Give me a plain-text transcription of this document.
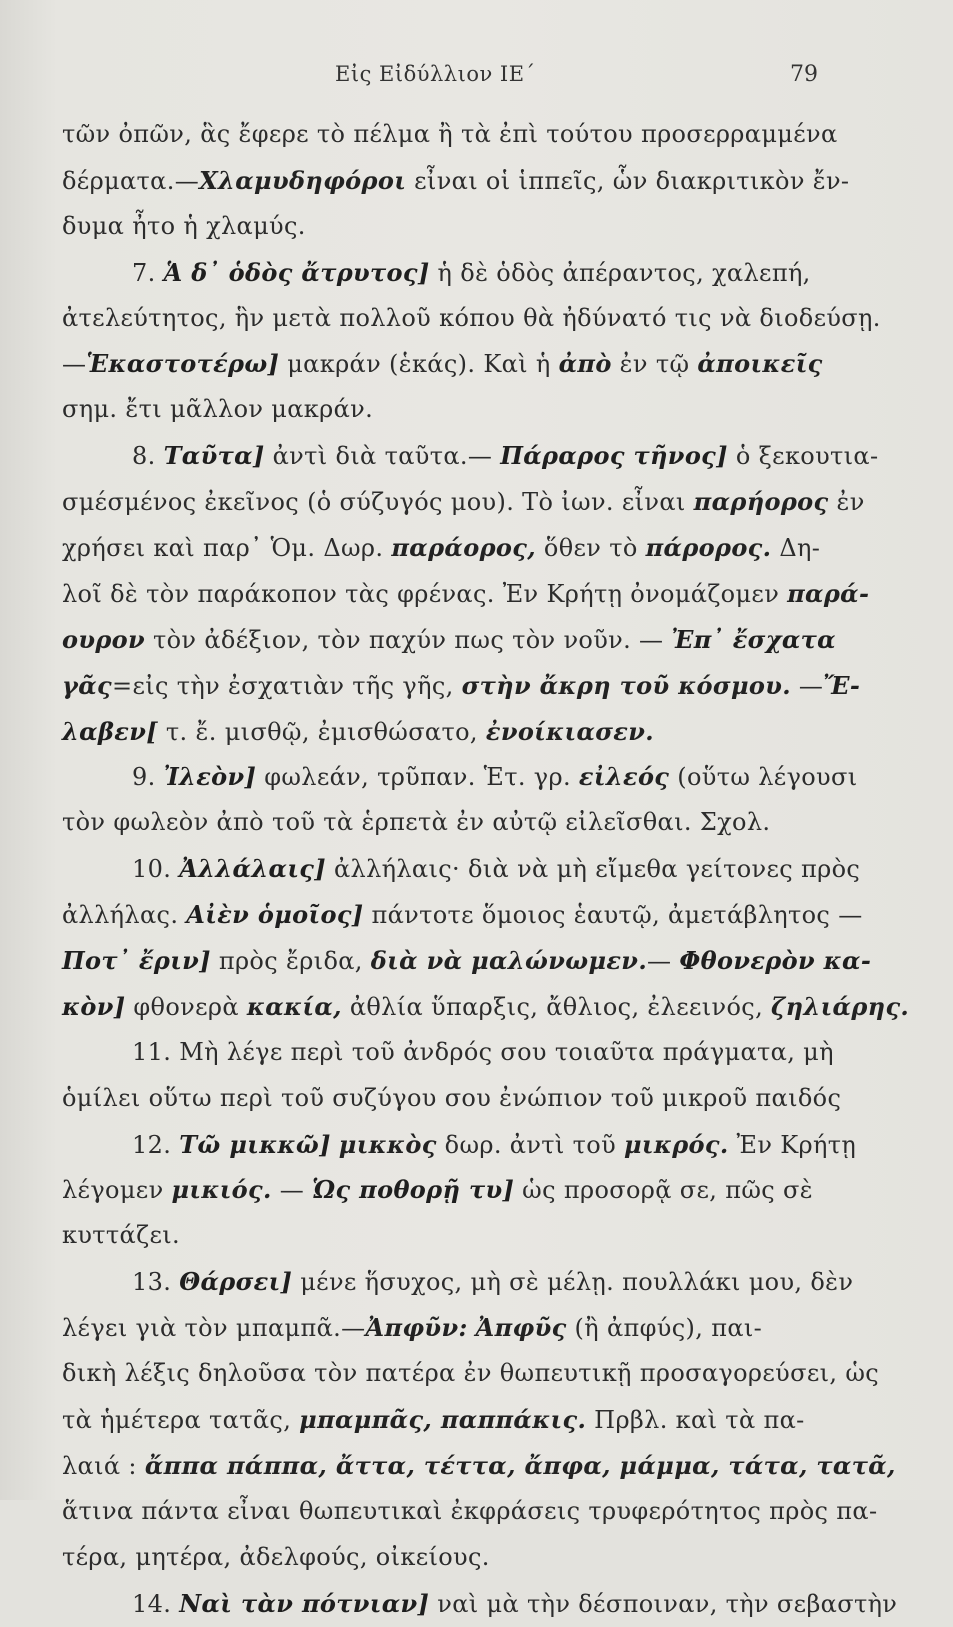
Εἰς Εἰδύλλιον ΙΕ΄	79
τῶν ὀπῶν, ἃς ἔφερε τὸ πέλμα ἢ τὰ ἐπὶ τούτου προσερραμμένα
δέρματα.—Χλαμυδηφόροι εἶναι οἱ ἱππεῖς, ὧν διακριτικὸν ἔν-
δυμα ἦτο ἡ χλαμύς.
7. Ἁ δ᾽ ὁδὸς ἄτρυτος] ἡ δὲ ὁδὸς ἀπέραντος, χαλεπή,
ἀτελεύτητος, ἣν μετὰ πολλοῦ κόπου θὰ ἠδύνατό τις νὰ διοδεύσῃ.
—Ἑκαστοτέρω] μακράν (ἑκάς). Καὶ ἡ ἀπὸ ἐν τῷ ἀποικεῖς
σημ. ἔτι μᾶλλον μακράν.
8. Ταῦτα] ἀντὶ διὰ ταῦτα.— Πάραρος τῆνος] ὁ ξεκουτια-
σμέσμένος ἐκεῖνος (ὁ σύζυγός μου). Τὸ ἰων. εἶναι παρήορος ἐν
χρήσει καὶ παρ᾽ Ὁμ. Δωρ. παράορος, ὅθεν τὸ πάρορος. Δη-
λοῖ δὲ τὸν παράκοπον τὰς φρένας. Ἐν Κρήτῃ ὀνομάζομεν παρά-
ουρον τὸν ἀδέξιον, τὸν παχύν πως τὸν νοῦν. — Ἐπ᾽ ἔσχατα
γᾶς=εἰς τὴν ἐσχατιὰν τῆς γῆς, στὴν ἄκρη τοῦ κόσμου. —Ἔ-
λαβεν[ τ. ἔ. μισθῷ, ἐμισθώσατο, ἐνοίκιασεν.
9. Ἰλεὸν] φωλεάν, τρῦπαν. Ἑτ. γρ. εἰλεός (οὕτω λέγουσι
τὸν φωλεὸν ἀπὸ τοῦ τὰ ἑρπετὰ ἐν αὐτῷ εἰλεῖσθαι. Σχολ.
10. Ἀλλάλαις] ἀλλήλαις· διὰ νὰ μὴ εἴμεθα γείτονες πρὸς
ἀλλήλας. Αἰὲν ὁμοῖος] πάντοτε ὅμοιος ἑαυτῷ, ἀμετάβλητος —
Ποτ᾽ ἔριν] πρὸς ἔριδα, διὰ νὰ μαλώνωμεν.— Φθονερὸν κα-
κὸν] φθονερὰ κακία, ἀθλία ὕπαρξις, ἄθλιος, ἐλεεινός, ζηλιάρης.
11. Μὴ λέγε περὶ τοῦ ἀνδρός σου τοιαῦτα πράγματα, μὴ
ὁμίλει οὕτω περὶ τοῦ συζύγου σου ἐνώπιον τοῦ μικροῦ παιδός
12. Τῶ μικκῶ] μικκὸς δωρ. ἀντὶ τοῦ μικρός. Ἐν Κρήτῃ
λέγομεν μικιός. — Ὡς ποθορῇ τυ] ὡς προσορᾷ σε, πῶς σὲ
κυττάζει.
13. Θάρσει] μένε ἥσυχος, μὴ σὲ μέλῃ. πουλλάκι μου, δὲν
λέγει γιὰ τὸν μπαμπᾶ.—Ἀπφῦν: Ἀπφῦς (ἢ ἀπφύς), παι-
δικὴ λέξις δηλοῦσα τὸν πατέρα ἐν θωπευτικῇ προσαγορεύσει, ὡς
τὰ ἡμέτερα τατᾶς, μπαμπᾶς, παππάκις. Πρβλ. καὶ τὰ πα-
λαιά : ἄππα πάππα, ἄττα, τέττα, ἄπφα, μάμμα, τάτα, τατᾶ,
ἅτινα πάντα εἶναι θωπευτικαὶ ἐκφράσεις τρυφερότητος πρὸς πα-
τέρα, μητέρα, ἀδελφούς, οἰκείους.
14. Ναὶ τὰν πότνιαν] ναὶ μὰ τὴν δέσποιναν, τὴν σεβαστὴν
